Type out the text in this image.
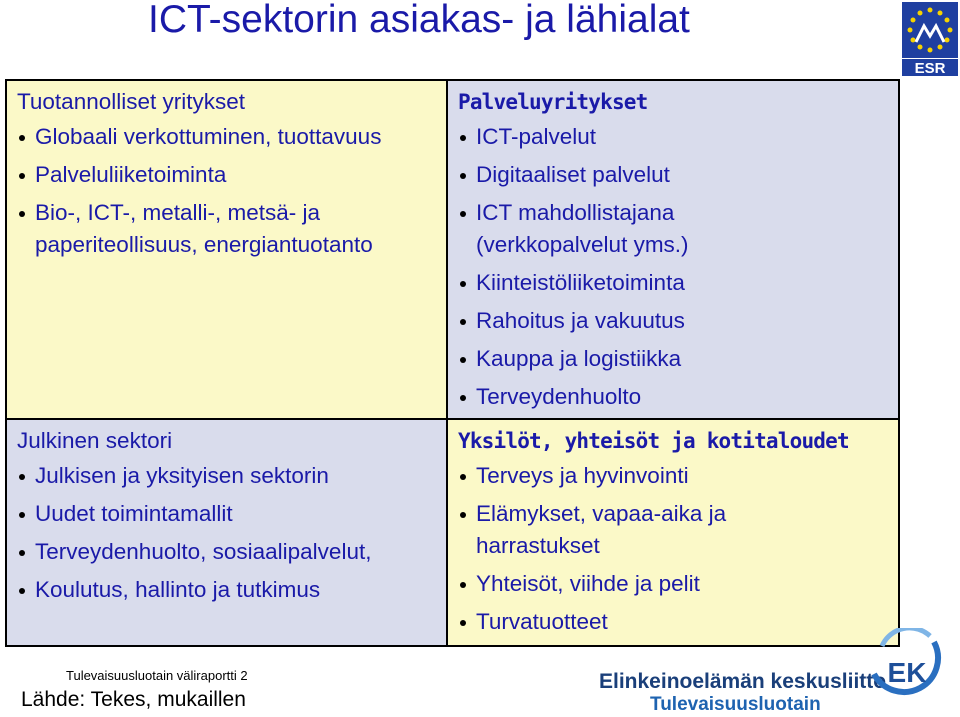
ICT-sektorin asiakas- ja lähialat
ESR
Tuotannolliset yritykset
Globaali verkottuminen, tuottavuus
Palveluliiketoiminta
Bio-, ICT-, metalli-, metsä- ja paperiteollisuus, energiantuotanto
Palveluyritykset
ICT-palvelut
Digitaaliset palvelut
ICT mahdollistajana (verkkopalvelut yms.)
Kiinteistöliiketoiminta
Rahoitus ja vakuutus
Kauppa ja logistiikka
Terveydenhuolto
Julkinen sektori
Julkisen ja yksityisen sektorin
Uudet toimintamallit
Terveydenhuolto, sosiaalipalvelut,
Koulutus, hallinto ja tutkimus
Yksilöt, yhteisöt ja kotitaloudet
Terveys ja hyvinvointi
Elämykset, vapaa-aika ja harrastukset
Yhteisöt, viihde ja pelit
Turvatuotteet
Tulevaisuusluotain väliraportti 2
Lähde: Tekes, mukaillen
Elinkeinoelämän keskusliitto
Tulevaisuusluotain
EK
